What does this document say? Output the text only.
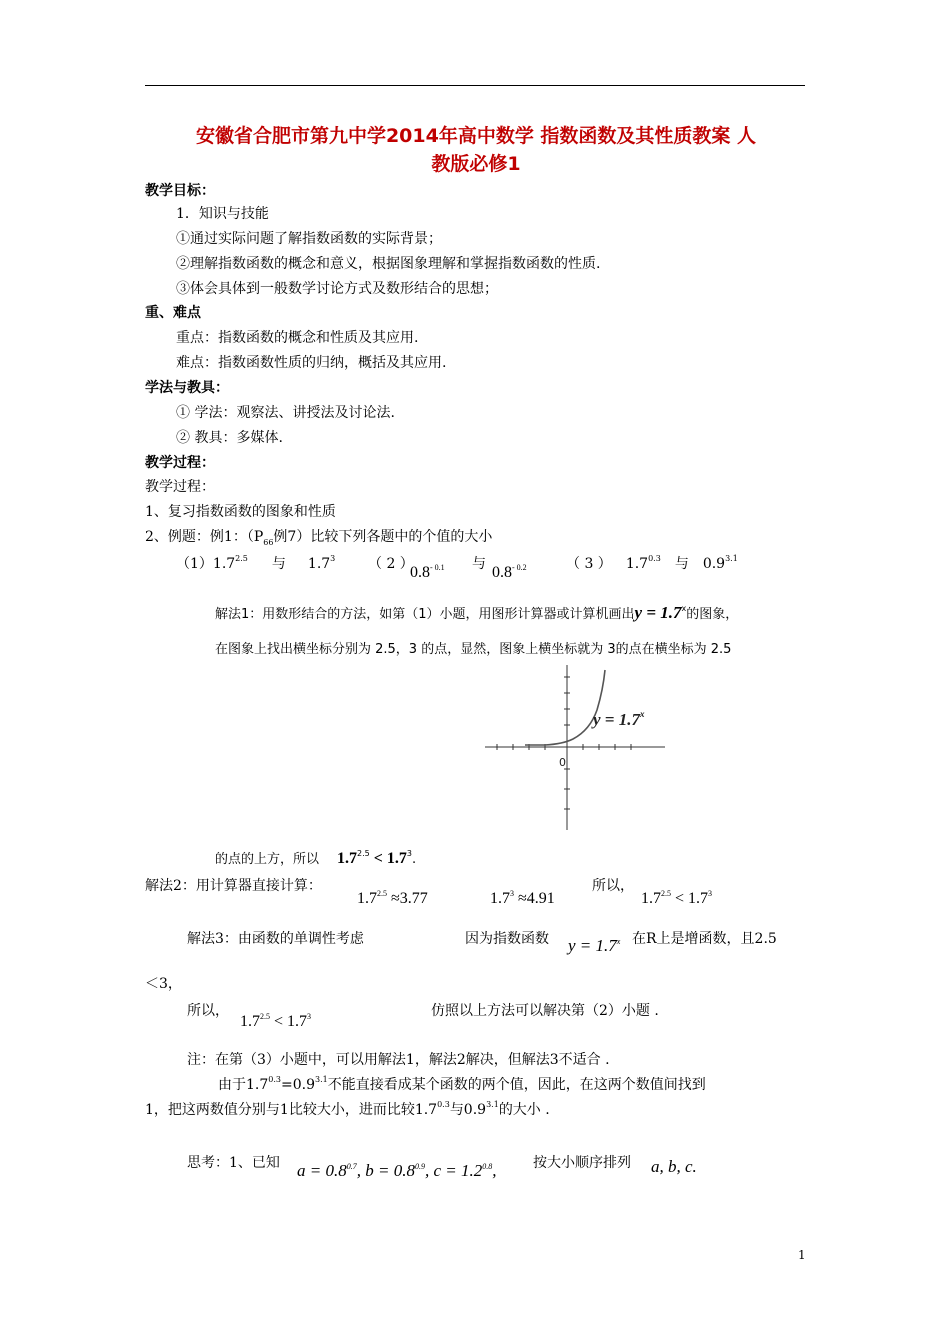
安徽省合肥市第九中学2014年高中数学 指数函数及其性质教案 人
教版必修1
教学目标：
1．知识与技能
①通过实际问题了解指数函数的实际背景；
②理解指数函数的概念和意义，根据图象理解和掌握指数函数的性质.
③体会具体到一般数学讨论方式及数形结合的思想；
重、难点
重点：指数函数的概念和性质及其应用.
难点：指数函数性质的归纳，概括及其应用.
学法与教具：
① 学法：观察法、讲授法及讨论法.
② 教具：多媒体.
教学过程：
教学过程：
1、复习指数函数的图象和性质
2、例题：例1：（$P_{66}$例7）比较下列各题中的个值的大小
$(1)1.7^{2.5}$ 与 $1.7^3$ （ 2 ）
$0.8^{- 0.1}$ 与 $0.8^{- 0.2}$	（ 3 ） $1.7^{0.3}$ 与 $0.9^{3.1}$
解法1：用数形结合的方法，如第（1）小题，用图形计算器或计算机画出$y = 1.7^x$的图象，
在图象上找出横坐标分别为 2.5，3 的点，显然，图象上横坐标就为 3的点在横坐标为 2.5
$y = 1.7^x$
0
的点的上方，所以 $1.7^{2.5} < 1.7^3$.
解法2：用计算器直接计算：
$1.7^{2.5} \approx 3.77$	$1.7^3 \approx 4.91$
所以，
$1.7^{2.5} < 1.7^3$
解法3：由函数的单调性考虑	因为指数函数 $y = 1.7^x$ 在R上是增函数，且2.5
＜3，
所以，
$1.7^{2.5} < 1.7^3$	仿照以上方法可以解决第（2）小题 .
注：在第（3）小题中，可以用解法1，解法2解决，但解法3不适合 .
由于$1.7^{0.3}=0.9^{3.1}$不能直接看成某个函数的两个值，因此，在这两个数值间找到
1，把这两数值分别与1比较大小，进而比较$1.7^{0.3}$与$0.9^{3.1}$的大小 .
思考：1、已知 $a = 0.8^{0.7}$, $b = 0.8^{0.9}$, $c = 1.2^{0.8}$,	按大小顺序排列 a, b, c.
1
